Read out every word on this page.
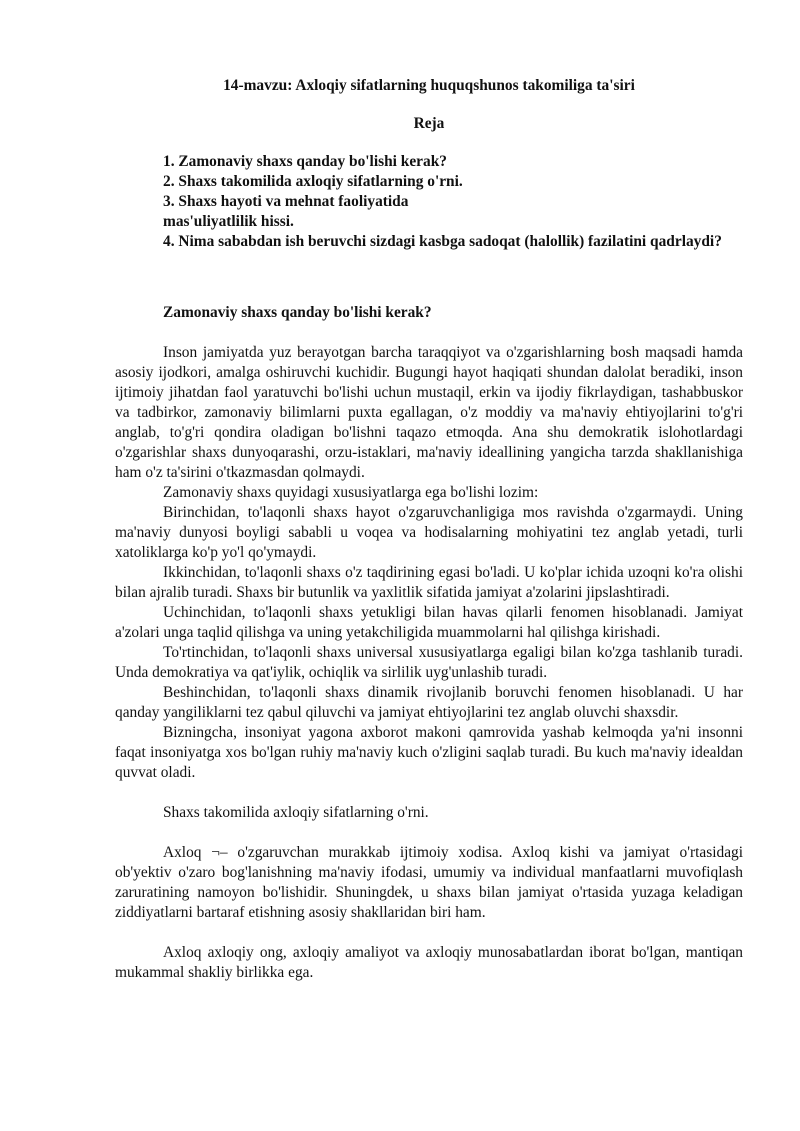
14-mavzu: Axloqiy sifatlarning huquqshunos takomiliga ta'siri

Reja

1. Zamonaviy shaxs qanday bo'lishi kerak?
2. Shaxs takomilida axloqiy sifatlarning o'rni.
3. Shaxs hayoti va mehnat faoliyatida
mas'uliyatlilik hissi.
4. Nima sababdan ish beruvchi sizdagi kasbga sadoqat (halollik) fazilatini qadrlaydi?

Zamonaviy shaxs qanday bo'lishi kerak?

Inson jamiyatda yuz berayotgan barcha taraqqiyot va o'zgarishlarning bosh maqsadi hamda asosiy ijodkori, amalga oshiruvchi kuchidir. Bugungi hayot haqiqati shundan dalolat beradiki, inson ijtimoiy jihatdan faol yaratuvchi bo'lishi uchun mustaqil, erkin va ijodiy fikrlaydigan, tashabbuskor va tadbirkor, zamonaviy bilimlarni puxta egallagan, o'z moddiy va ma'naviy ehtiyojlarini to'g'ri anglab, to'g'ri qondira oladigan bo'lishni taqazo etmoqda. Ana shu demokratik islohotlardagi o'zgarishlar shaxs dunyoqarashi, orzu-istaklari, ma'naviy ideallining yangicha tarzda shakllanishiga ham o'z ta'sirini o'tkazmasdan qolmaydi.

Zamonaviy shaxs quyidagi xususiyatlarga ega bo'lishi lozim:

Birinchidan, to'laqonli shaxs hayot o'zgaruvchanligiga mos ravishda o'zgarmaydi. Uning ma'naviy dunyosi boyligi sababli u voqea va hodisalarning mohiyatini tez anglab yetadi, turli xatoliklarga ko'p yo'l qo'ymaydi.

Ikkinchidan, to'laqonli shaxs o'z taqdirining egasi bo'ladi. U ko'plar ichida uzoqni ko'ra olishi bilan ajralib turadi. Shaxs bir butunlik va yaxlitlik sifatida jamiyat a'zolarini jipslashtiradi.

Uchinchidan, to'laqonli shaxs yetukligi bilan havas qilarli fenomen hisoblanadi. Jamiyat a'zolari unga taqlid qilishga va uning yetakchiligida muammolarni hal qilishga kirishadi.

To'rtinchidan, to'laqonli shaxs universal xususiyatlarga egaligi bilan ko'zga tashlanib turadi. Unda demokratiya va qat'iylik, ochiqlik va sirlilik uyg'unlashib turadi.

Beshinchidan, to'laqonli shaxs dinamik rivojlanib boruvchi fenomen hisoblanadi. U har qanday yangiliklarni tez qabul qiluvchi va jamiyat ehtiyojlarini tez anglab oluvchi shaxsdir.

Bizningcha, insoniyat yagona axborot makoni qamrovida yashab kelmoqda ya'ni insonni faqat insoniyatga xos bo'lgan ruhiy ma'naviy kuch o'zligini saqlab turadi. Bu kuch ma'naviy idealdan quvvat oladi.

Shaxs takomilida axloqiy sifatlarning o'rni.

Axloq ¬– o'zgaruvchan murakkab ijtimoiy xodisa. Axloq kishi va jamiyat o'rtasidagi ob'yektiv o'zaro bog'lanishning ma'naviy ifodasi, umumiy va individual manfaatlarni muvofiqlash zaruratining namoyon bo'lishidir. Shuningdek, u shaxs bilan jamiyat o'rtasida yuzaga keladigan ziddiyatlarni bartaraf etishning asosiy shakllaridan biri ham.

Axloq axloqiy ong, axloqiy amaliyot va axloqiy munosabatlardan iborat bo'lgan, mantiqan mukammal shakliy birlikka ega.
